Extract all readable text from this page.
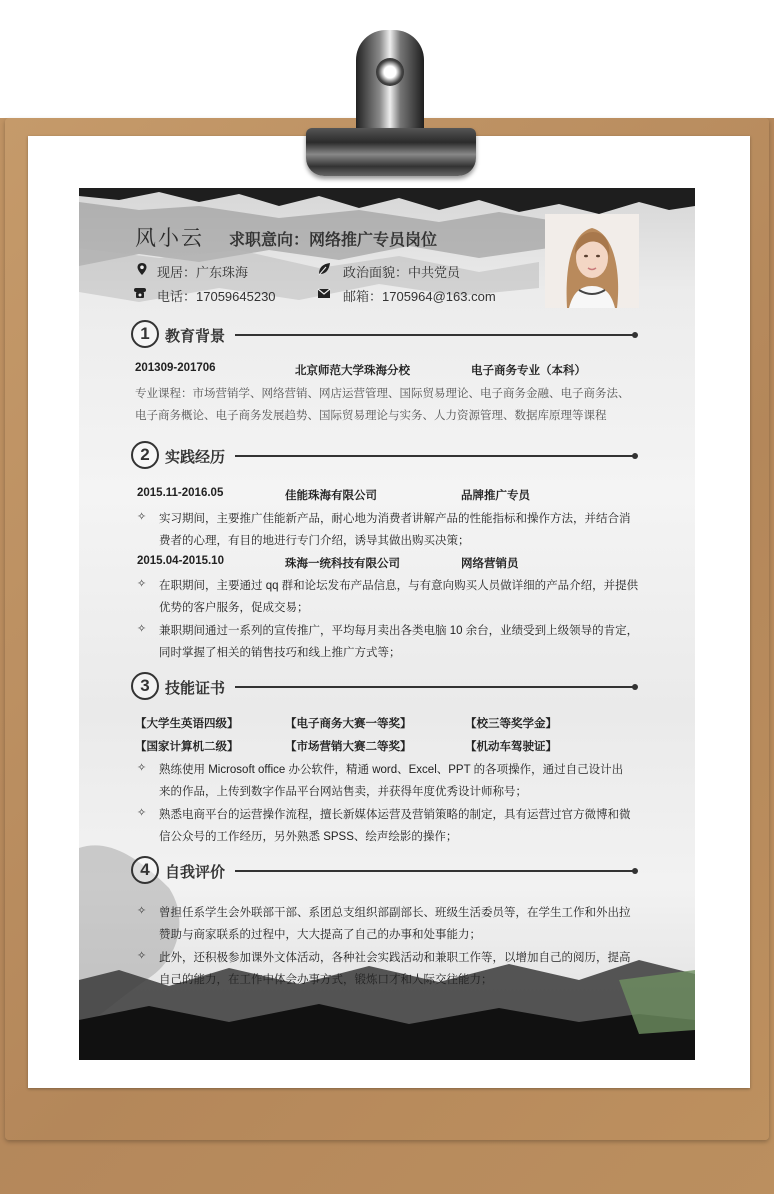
风小云 求职意向：网络推广专员岗位
现居：广东珠海	政治面貌：中共党员
电话：17059645230	邮箱：1705964@163.com
1	教育背景
201309-201706	北京师范大学珠海分校	电子商务专业（本科）
专业课程：市场营销学、网络营销、网店运营管理、国际贸易理论、电子商务金融、电子商务法、
电子商务概论、电子商务发展趋势、国际贸易理论与实务、人力资源管理、数据库原理等课程
2	实践经历
2015.11-2016.05	佳能珠海有限公司	品牌推广专员
✧ 实习期间，主要推广佳能新产品，耐心地为消费者讲解产品的性能指标和操作方法，并结合消
费者的心理，有目的地进行专门介绍，诱导其做出购买决策；
2015.04-2015.10	珠海一统科技有限公司	网络营销员
✧ 在职期间，主要通过 qq 群和论坛发布产品信息，与有意向购买人员做详细的产品介绍，并提供
优势的客户服务，促成交易；
✧ 兼职期间通过一系列的宣传推广，平均每月卖出各类电脑 10 余台，业绩受到上级领导的肯定，
同时掌握了相关的销售技巧和线上推广方式等；
3	技能证书
【大学生英语四级】	【电子商务大赛一等奖】	【校三等奖学金】
【国家计算机二级】	【市场营销大赛二等奖】	【机动车驾驶证】
✧ 熟练使用 Microsoft office 办公软件，精通 word、Excel、PPT 的各项操作，通过自己设计出
来的作品，上传到数字作品平台网站售卖，并获得年度优秀设计师称号；
✧ 熟悉电商平台的运营操作流程，擅长新媒体运营及营销策略的制定，具有运营过官方微博和微
信公众号的工作经历，另外熟悉 SPSS、绘声绘影的操作；
4	自我评价
✧ 曾担任系学生会外联部干部、系团总支组织部副部长、班级生活委员等，在学生工作和外出拉
赞助与商家联系的过程中，大大提高了自己的办事和处事能力；
✧ 此外，还积极参加课外文体活动，各种社会实践活动和兼职工作等，以增加自己的阅历，提高
自己的能力，在工作中体会办事方式，锻炼口才和人际交往能力；
